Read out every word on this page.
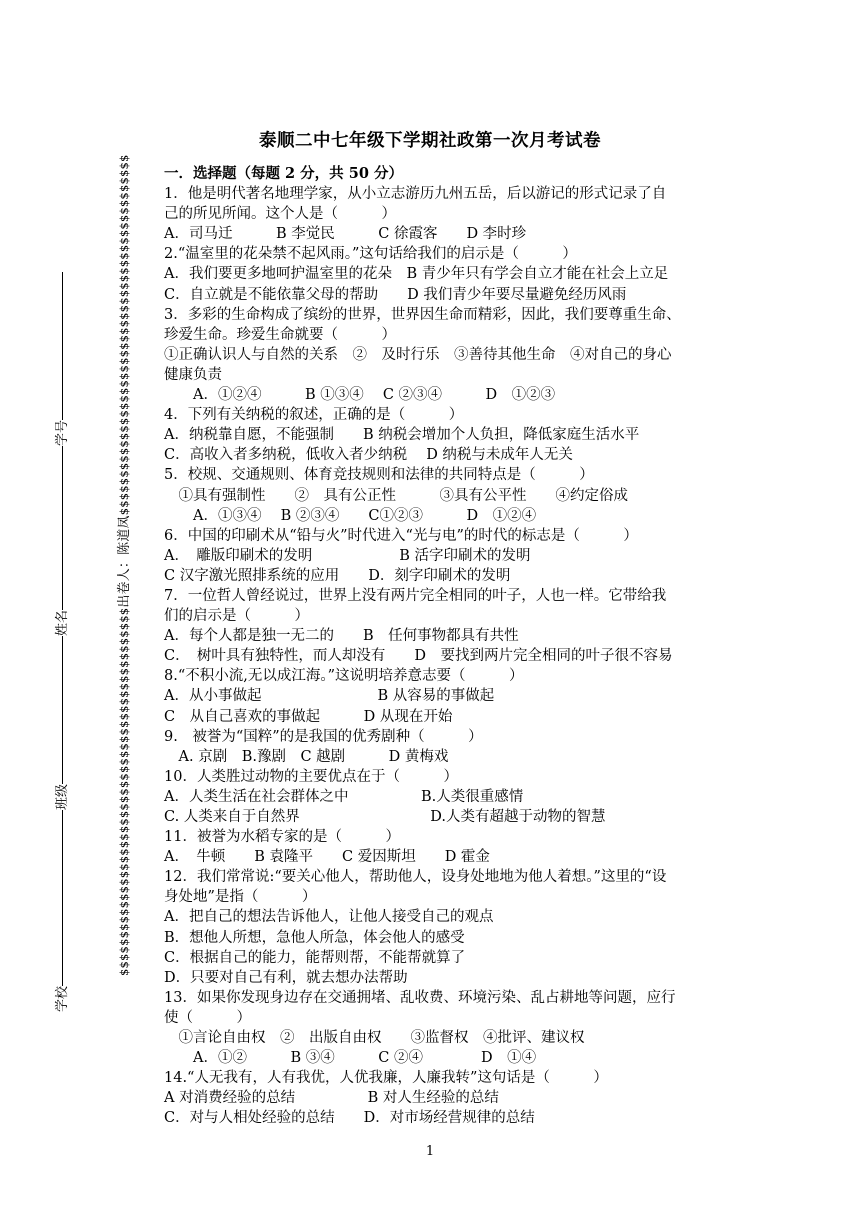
学校班级姓名学号
$$$$$$$$$$$$$$$$$$$$$$$$$$$$$$$$$$$$$$$$$$$$$$$$$出卷人：陈道凤$$$$$$$$$$$$$$$$$$$$$$$$$$$$$$$$$$$$$$$$$$$$$$$$
泰顺二中七年级下学期社政第一次月考试卷
一．选择题（每题 2 分，共 50 分）
1．他是明代著名地理学家，从小立志游历九州五岳，后以游记的形式记录了自
己的所见所闻。这个人是（　　　）
A．司马迁　　　B 李觉民　　　C 徐霞客　　D 李时珍
2.“温室里的花朵禁不起风雨。”这句话给我们的启示是（　　　）
A．我们要更多地呵护温室里的花朵　B 青少年只有学会自立才能在社会上立足
C．自立就是不能依靠父母的帮助　　D 我们青少年要尽量避免经历风雨
3．多彩的生命构成了缤纷的世界，世界因生命而精彩，因此，我们要尊重生命、
珍爱生命。珍爱生命就要（　　　）
①正确认识人与自然的关系　②　及时行乐　③善待其他生命　④对自己的身心
健康负责
　　A．①②④　　　B ①③④　 C ②③④　　　D　①②③
4．下列有关纳税的叙述，正确的是（　　　）
A．纳税靠自愿，不能强制　　B 纳税会增加个人负担，降低家庭生活水平
C．高收入者多纳税，低收入者少纳税　 D 纳税与未成年人无关
5．校规、交通规则、体育竞技规则和法律的共同特点是（　　　）
　①具有强制性　　②　具有公正性　　　③具有公平性　　④约定俗成
　　A．①③④　 B ②③④　　C①②③　　　D　①②④
6．中国的印刷术从“铅与火”时代进入“光与电”的时代的标志是（　　　）
A．　雕版印刷术的发明　　　　　　B 活字印刷术的发明
C 汉字激光照排系统的应用　　D．刻字印刷术的发明
7．一位哲人曾经说过，世界上没有两片完全相同的叶子，人也一样。它带给我
们的启示是（　　　）
A．每个人都是独一无二的　　B　任何事物都具有共性
C．　树叶具有独特性，而人却没有　　D　要找到两片完全相同的叶子很不容易
8.“不积小流,无以成江海。”这说明培养意志要（　　　）
A．从小事做起　　　　　　　　B 从容易的事做起
C　从自己喜欢的事做起　　　D 从现在开始
9.　被誉为“国粹”的是我国的优秀剧种（　　　）
　A. 京剧　B.豫剧　C 越剧　　　D 黄梅戏
10．人类胜过动物的主要优点在于（　　　）
A．人类生活在社会群体之中　　　　　B.人类很重感情
C. 人类来自于自然界　　　　　　　　　D.人类有超越于动物的智慧
11．被誉为水稻专家的是（　　　）
A．　牛顿　　B 袁隆平　　C 爱因斯坦　　D 霍金
12．我们常常说:“要关心他人，帮助他人，设身处地地为他人着想。”这里的“设
身处地”是指（　　　）
A．把自己的想法告诉他人，让他人接受自己的观点
B．想他人所想，急他人所急，体会他人的感受
C．根据自己的能力，能帮则帮，不能帮就算了
D．只要对自己有利，就去想办法帮助
13．如果你发现身边存在交通拥堵、乱收费、环境污染、乱占耕地等问题，应行
使（　　　）
　①言论自由权　②　出版自由权　　③监督权　④批评、建议权
　　A．①②　　　B ③④　　　C ②④　　　　D　①④
14.“人无我有，人有我优，人优我廉，人廉我转”这句话是（　　　）
A 对消费经验的总结　　　　　B 对人生经验的总结
C．对与人相处经验的总结　　D．对市场经营规律的总结
1
